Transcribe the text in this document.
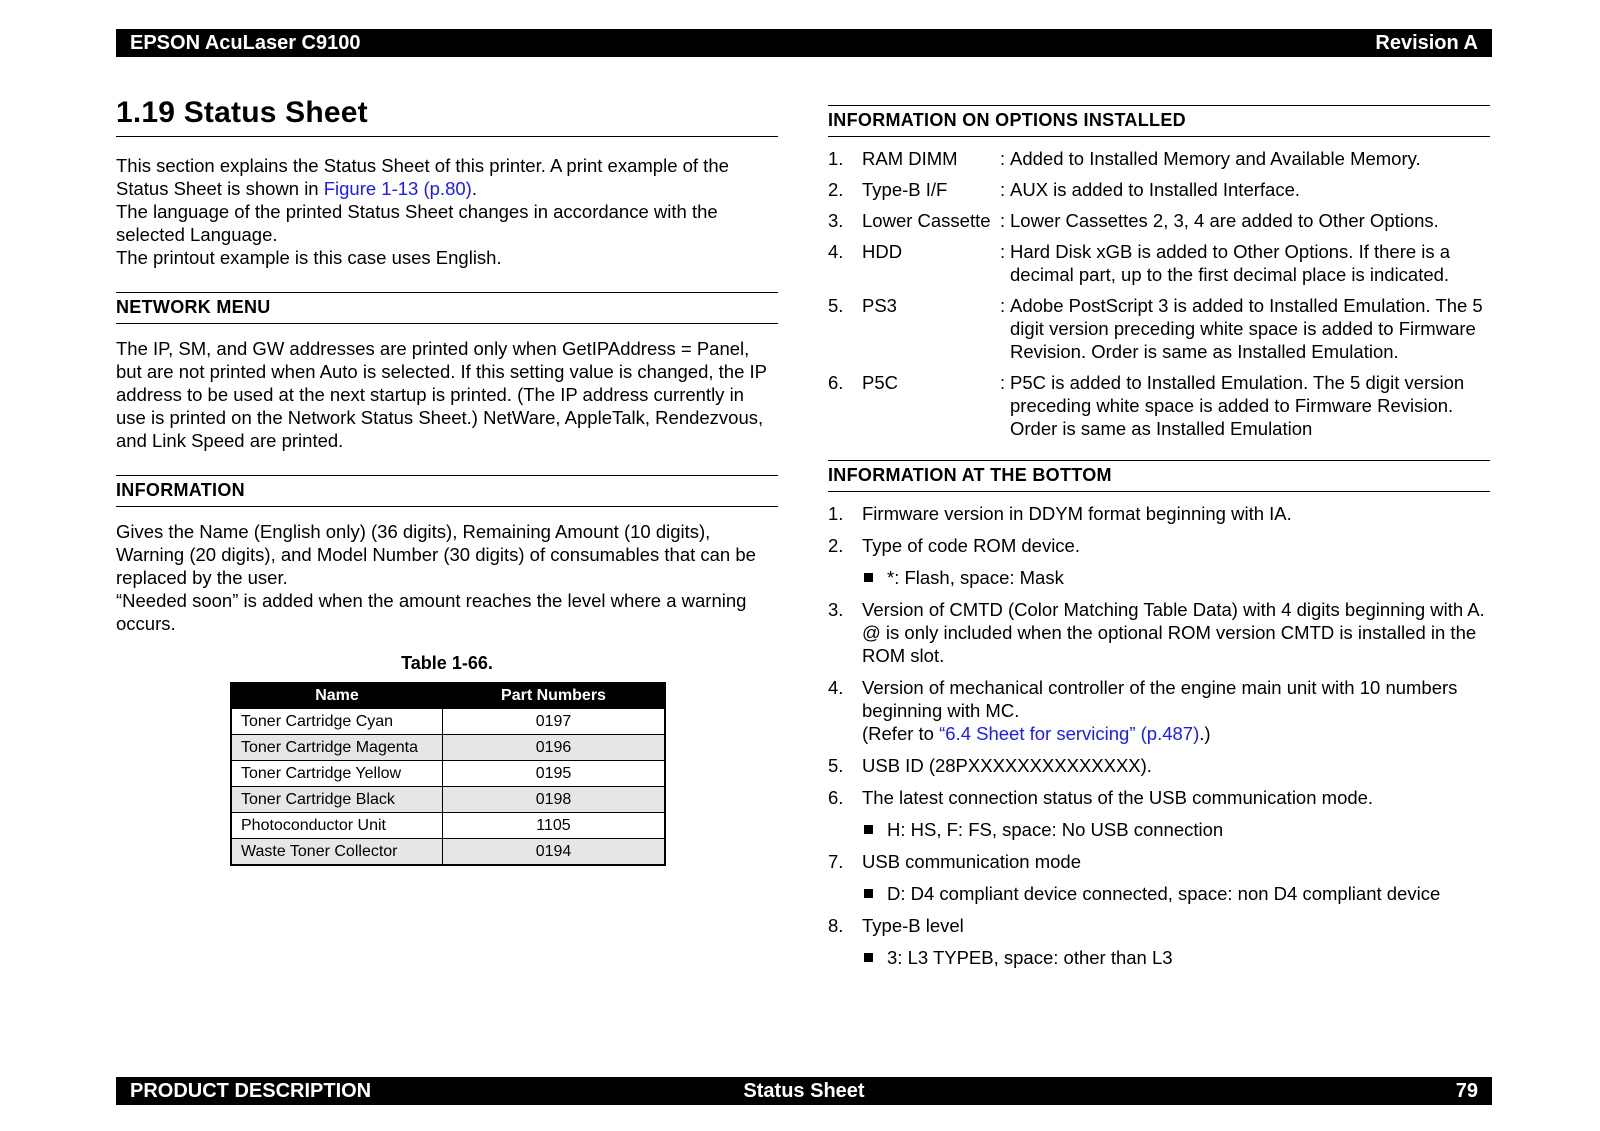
EPSON AcuLaser C9100	Revision A
1.19 Status Sheet

This section explains the Status Sheet of this printer. A print example of the Status Sheet is shown in Figure 1-13 (p.80).

The language of the printed Status Sheet changes in accordance with the selected Language.

The printout example is this case uses English.

NETWORK MENU

The IP, SM, and GW addresses are printed only when GetIPAddress = Panel, but are not printed when Auto is selected. If this setting value is changed, the IP address to be used at the next startup is printed. (The IP address currently in use is printed on the Network Status Sheet.) NetWare, AppleTalk, Rendezvous, and Link Speed are printed.

INFORMATION

Gives the Name (English only) (36 digits), Remaining Amount (10 digits), Warning (20 digits), and Model Number (30 digits) of consumables that can be replaced by the user.

“Needed soon” is added when the amount reaches the level where a warning occurs.

Table 1-66.
Name	Part Numbers
Toner Cartridge Cyan	0197
Toner Cartridge Magenta	0196
Toner Cartridge Yellow	0195
Toner Cartridge Black	0198
Photoconductor Unit	1105
Waste Toner Collector	0194
INFORMATION ON OPTIONS INSTALLED
1.	RAM DIMM	: Added to Installed Memory and Available Memory.
2.	Type-B I/F	: AUX is added to Installed Interface.
3.	Lower Cassette : Lower Cassettes 2, 3, 4 are added to Other Options.
4.	HDD	: Hard Disk xGB is added to Other Options. If there is a decimal part, up to the first decimal place is indicated.
5.	PS3	: Adobe PostScript 3 is added to Installed Emulation. The 5 digit version preceding white space is added to Firmware Revision. Order is same as Installed Emulation.
6.	P5C	: P5C is added to Installed Emulation. The 5 digit version preceding white space is added to Firmware Revision. Order is same as Installed Emulation
INFORMATION AT THE BOTTOM
1.	Firmware version in DDYM format beginning with IA.
2.	Type of code ROM device.
*: Flash, space: Mask
3.	Version of CMTD (Color Matching Table Data) with 4 digits beginning with A. @ is only included when the optional ROM version CMTD is installed in the ROM slot.
4.	Version of mechanical controller of the engine main unit with 10 numbers beginning with MC.
(Refer to “6.4 Sheet for servicing” (p.487).)
5.	USB ID (28PXXXXXXXXXXXXXX).
6.	The latest connection status of the USB communication mode.
H: HS, F: FS, space: No USB connection
7.	USB communication mode
D: D4 compliant device connected, space: non D4 compliant device
8.	Type-B level
3: L3 TYPEB, space: other than L3
PRODUCT DESCRIPTION	Status Sheet	79
